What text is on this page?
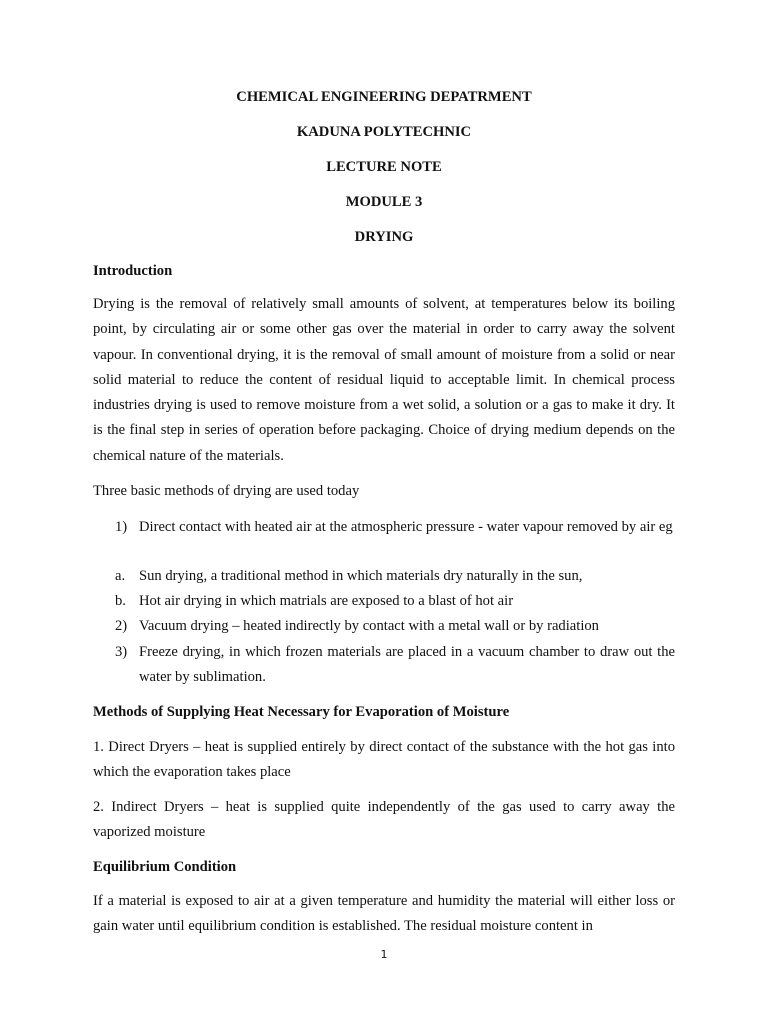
CHEMICAL ENGINEERING DEPATRMENT
KADUNA POLYTECHNIC
LECTURE NOTE
MODULE 3
DRYING
Introduction
Drying is the removal of relatively small amounts of solvent, at temperatures below its boiling point, by circulating air or some other gas over the material in order to carry away the solvent vapour. In conventional drying, it is the removal of small amount of moisture from a solid or near solid material to reduce the content of residual liquid to acceptable limit. In chemical process industries drying is used to remove moisture from a wet solid, a solution or a gas to make it dry. It is the final step in series of operation before packaging. Choice of drying medium depends on the chemical nature of the materials.
Three basic methods of drying are used today
1) Direct contact with heated air at the atmospheric pressure - water vapour removed by air eg
a. Sun drying, a traditional method in which materials dry naturally in the sun,
b. Hot air drying in which matrials are exposed to a blast of hot air
2) Vacuum drying – heated indirectly by contact with a metal wall or by radiation
3) Freeze drying, in which frozen materials are placed in a vacuum chamber to draw out the water by sublimation.
Methods of Supplying Heat Necessary for Evaporation of Moisture
1. Direct Dryers – heat is supplied entirely by direct contact of the substance with the hot gas into which the evaporation takes place
2. Indirect Dryers – heat is supplied quite independently of the gas used to carry away the vaporized moisture
Equilibrium Condition
If a material is exposed to air at a given temperature and humidity the material will either loss or gain water until equilibrium condition is established. The residual moisture content in
1
